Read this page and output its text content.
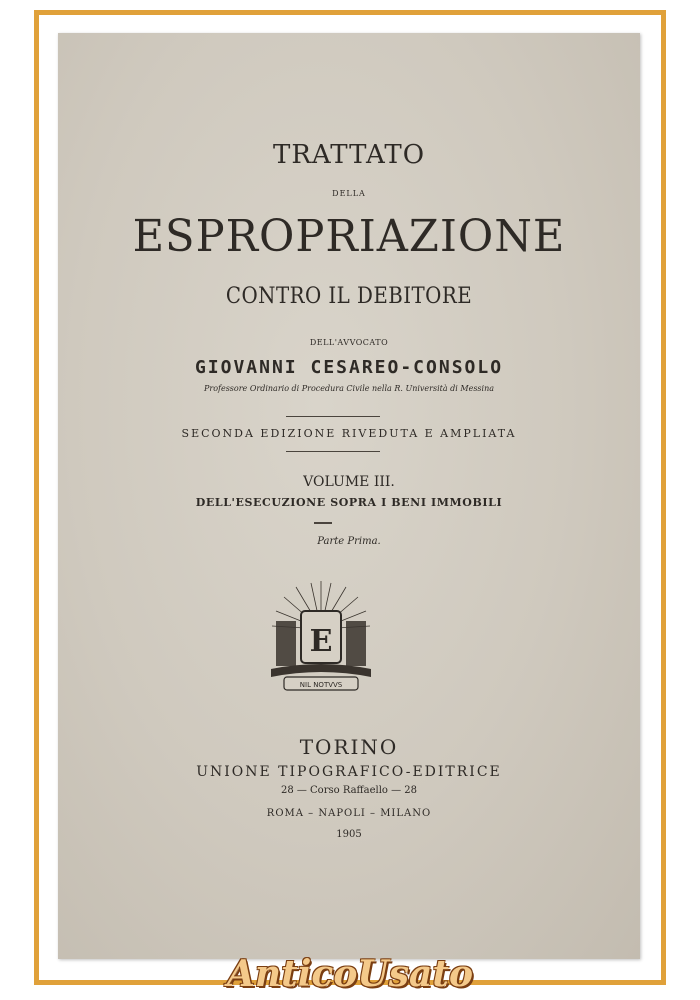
TRATTATO
DELLA
ESPROPRIAZIONE
CONTRO IL DEBITORE
DELL'AVVOCATO
GIOVANNI CESAREO-CONSOLO
Professore Ordinario di Procedura Civile nella R. Università di Messina
SECONDA EDIZIONE RIVEDUTA E AMPLIATA
VOLUME III.
DELL'ESECUZIONE SOPRA I BENI IMMOBILI
Parte Prima.
E
NIL NOTVVS
TORINO
UNIONE TIPOGRAFICO-EDITRICE
28 — Corso Raffaello — 28
ROMA – NAPOLI – MILANO
1905
AnticoUsato
